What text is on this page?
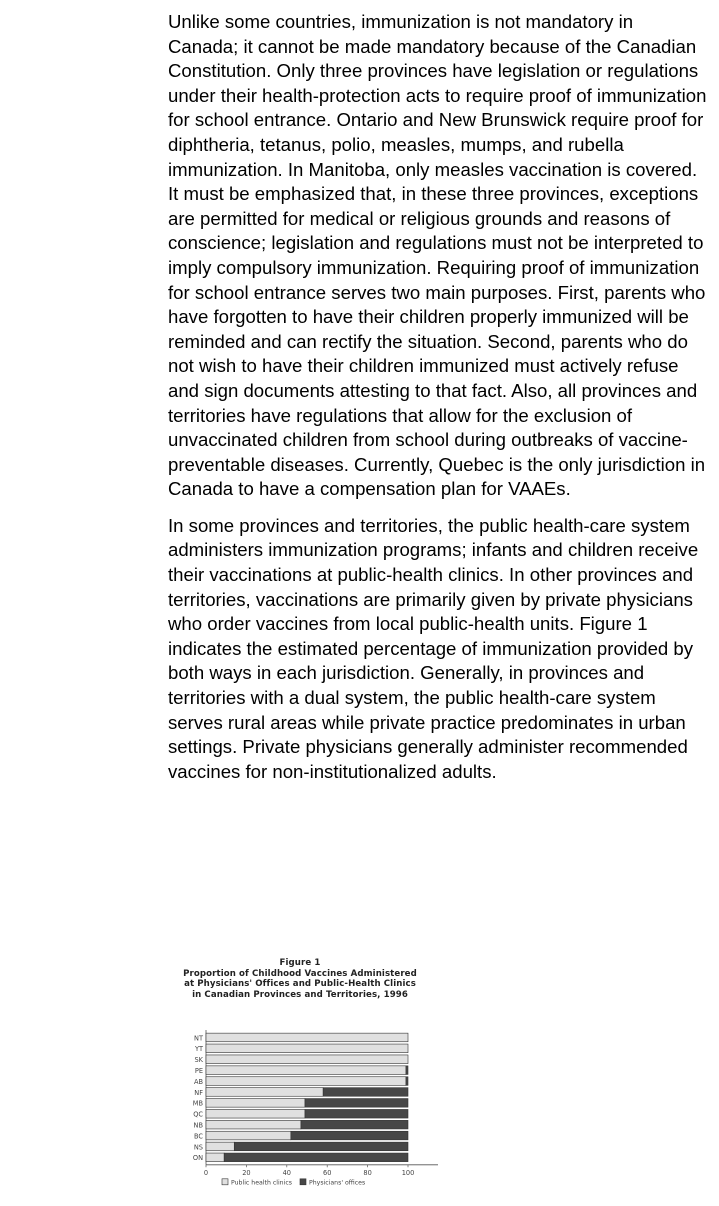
Unlike some countries, immunization is not mandatory in Canada; it cannot be made mandatory because of the Canadian Constitution. Only three provinces have legislation or regulations under their health-protection acts to require proof of immunization for school entrance. Ontario and New Brunswick require proof for diphtheria, tetanus, polio, measles, mumps, and rubella immunization. In Manitoba, only measles vaccination is covered. It must be emphasized that, in these three provinces, exceptions are permitted for medical or religious grounds and reasons of conscience; legislation and regulations must not be interpreted to imply compulsory immunization. Requiring proof of immunization for school entrance serves two main purposes. First, parents who have forgotten to have their children properly immunized will be reminded and can rectify the situation. Second, parents who do not wish to have their children immunized must actively refuse and sign documents attesting to that fact. Also, all provinces and territories have regulations that allow for the exclusion of unvaccinated children from school during outbreaks of vaccine-preventable diseases. Currently, Quebec is the only jurisdiction in Canada to have a compensation plan for VAAEs.

In some provinces and territories, the public health-care system administers immunization programs; infants and children receive their vaccinations at public-health clinics. In other provinces and territories, vaccinations are primarily given by private physicians who order vaccines from local public-health units. Figure 1 indicates the estimated percentage of immunization provided by both ways in each jurisdiction. Generally, in provinces and territories with a dual system, the public health-care system serves rural areas while private practice predominates in urban settings. Private physicians generally administer recommended vaccines for non-institutionalized adults.

Figure 1
Proportion of Childhood Vaccines Administered
at Physicians' Offices and Public-Health Clinics
in Canadian Provinces and Territories, 1996
NT
YT
SK
PE
AB
NF
MB
QC
NB
BC
NS
ON
0	20	40	60	80	100
Public health clinics	Physicians' offices
